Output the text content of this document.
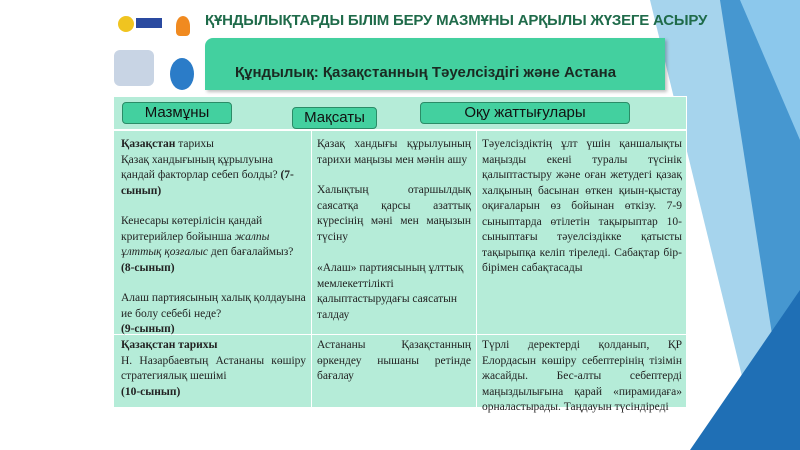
ҚҰНДЫЛЫҚТАРДЫ БІЛІМ БЕРУ МАЗМҰНЫ АРҚЫЛЫ ЖҮЗЕГЕ АСЫРУ
Құндылық: Қазақстанның Тәуелсіздігі және Астана
Мазмұны	Мақсаты	Оқу жаттығулары

Қазақстан тарихы
Қазақ хандығының құрылуына қандай факторлар себеп болды? (7-сынып)

Кенесары көтерілісін қандай критерийлер бойынша жалпы ұлттық қозғалыс деп бағалаймыз?
(8-сынып)

Алаш партиясының халық қолдауына ие болу себебі неде?
(9-сынып)

Қазақ хандығы құрылуының тарихи маңызы мен мәнін ашу

Халықтың отаршылдық саясатқа қарсы азаттық күресінің мәні мен маңызын түсіну

«Алаш» партиясының ұлттық мемлекеттілікті қалыптастырудағы саясатын талдау

Тәуелсіздіктің ұлт үшін қаншалықты маңызды екені туралы түсінік қалыптастыру және оған жетудегі қазақ халқының басынан өткен қиын-қыстау оқиғаларын өз бойынан өткізу. 7-9 сыныптарда өтілетін тақырыптар 10-сыныптағы тәуелсіздікке қатысты тақырыпқа келіп тіреледі. Сабақтар бір-бірімен сабақтасады
Қазақстан тарихы

Н. Назарбаевтың Астананы көшіру стратегиялық шешімі
(10-сынып)
Астананы Қазақстанның өркендеу нышаны ретінде бағалау
Түрлі деректерді қолданып, ҚР Елордасын көшіру себептерінің тізімін жасайды. Бес-алты себептерді маңыздылығына қарай «пирамидаға» орналастырады. Таңдауын түсіндіреді
